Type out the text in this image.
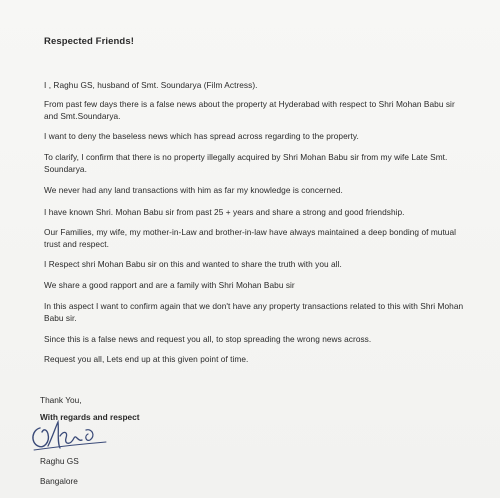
Respected Friends!
I , Raghu GS, husband of Smt. Soundarya (Film Actress).
From past few days there is a false news about the property at Hyderabad with respect to Shri Mohan Babu sir and Smt.Soundarya.
I want to deny the baseless news which has spread across regarding to the property.
To clarify, I confirm that there is no property illegally acquired by Shri Mohan Babu sir from my wife Late Smt. Soundarya.
We never had any land transactions with him as far my knowledge is concerned.
I have known Shri. Mohan Babu sir from past 25 + years and share a strong and good friendship.
Our Families, my wife, my mother-in-Law and brother-in-law have always maintained a deep bonding of mutual trust and respect.
I Respect shri Mohan Babu sir on this and wanted to share the truth with you all.
We share a good rapport and are a family with Shri Mohan Babu sir
In this aspect I want to confirm again that we don't have any property transactions related to this with Shri Mohan Babu sir.
Since this is a false news and request you all, to stop spreading the wrong news across.
Request you all, Lets end up at this given point of time.
Thank You,
With regards and respect
Raghu GS
Bangalore
